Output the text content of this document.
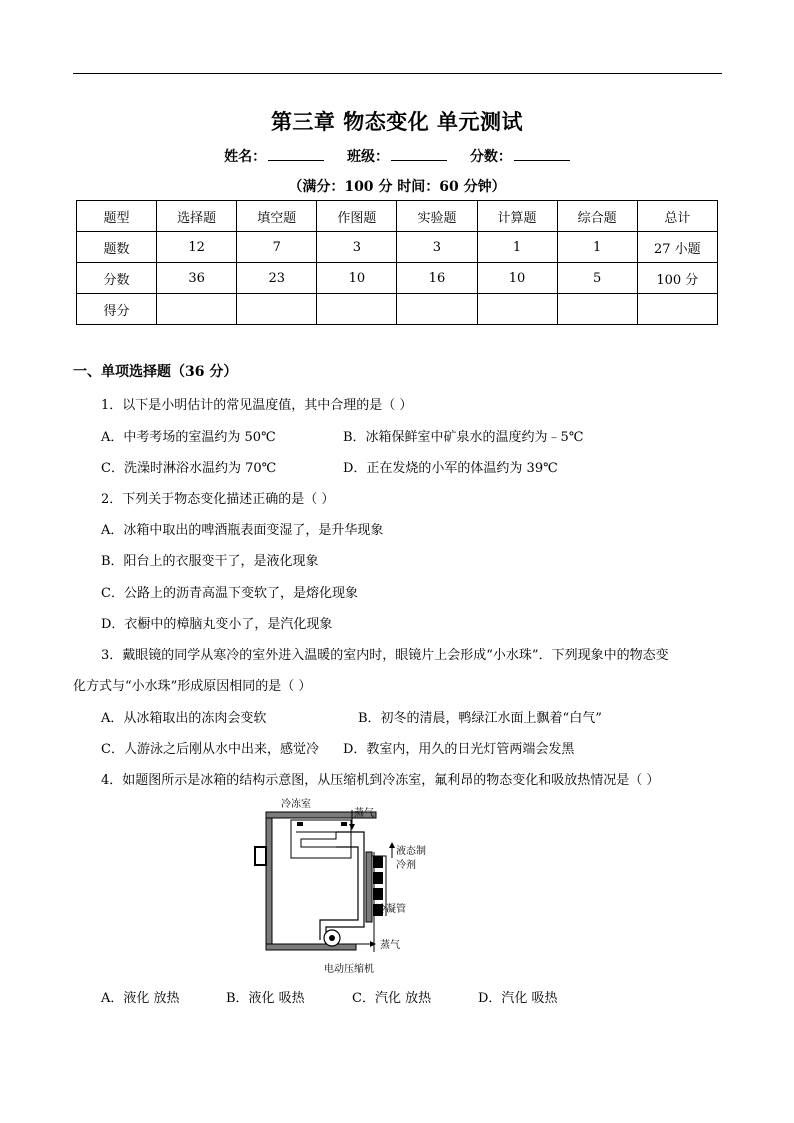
第三章 物态变化 单元测试
姓名：	班级：	分数：
（满分：100 分 时间：60 分钟）
题型	选择题	填空题	作图题	实验题	计算题	综合题	总计
题数	12	7	3	3	1	1	27 小题
分数	36	23	10	16	10	5	100 分
得分							
一、单项选择题（36 分）
1．以下是小明估计的常见温度值，其中合理的是（ ）
A．中考考场的室温约为 50℃	B．冰箱保鲜室中矿泉水的温度约为﹣5℃
C．洗澡时淋浴水温约为 70℃	D．正在发烧的小军的体温约为 39℃
2．下列关于物态变化描述正确的是（ ）
A．冰箱中取出的啤酒瓶表面变湿了，是升华现象
B．阳台上的衣服变干了，是液化现象
C．公路上的沥青高温下变软了，是熔化现象
D．衣橱中的樟脑丸变小了，是汽化现象
3．戴眼镜的同学从寒冷的室外进入温暖的室内时，眼镜片上会形成“小水珠”．下列现象中的物态变
化方式与“小水珠”形成原因相同的是（ ）
A．从冰箱取出的冻肉会变软	B．初冬的清晨，鸭绿江水面上飘着“白气”
C．人游泳之后刚从水中出来，感觉冷 D．教室内，用久的日光灯管两端会发黑
4．如题图所示是冰箱的结构示意图，从压缩机到冷冻室，氟利昂的物态变化和吸放热情况是（ ）
冷冻室
蒸气
液态制
冷剂
冷凝管
蒸气
电动压缩机
A．液化 放热	B．液化 吸热	C．汽化 放热	D．汽化 吸热
